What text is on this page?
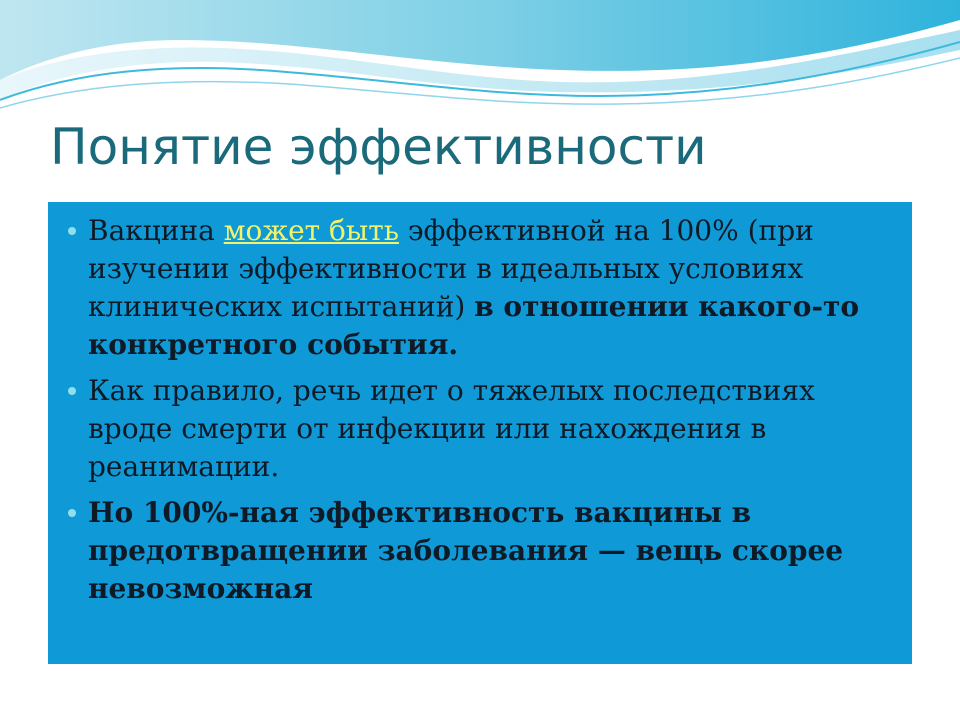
Понятие эффективности
Вакцина может быть эффективной на 100% (при изучении эффективности в идеальных условиях клинических испытаний) в отношении какого-то конкретного события.
Как правило, речь идет о тяжелых последствиях вроде смерти от инфекции или нахождения в реанимации.
Но 100%-ная эффективность вакцины в предотвращении заболевания — вещь скорее невозможная
